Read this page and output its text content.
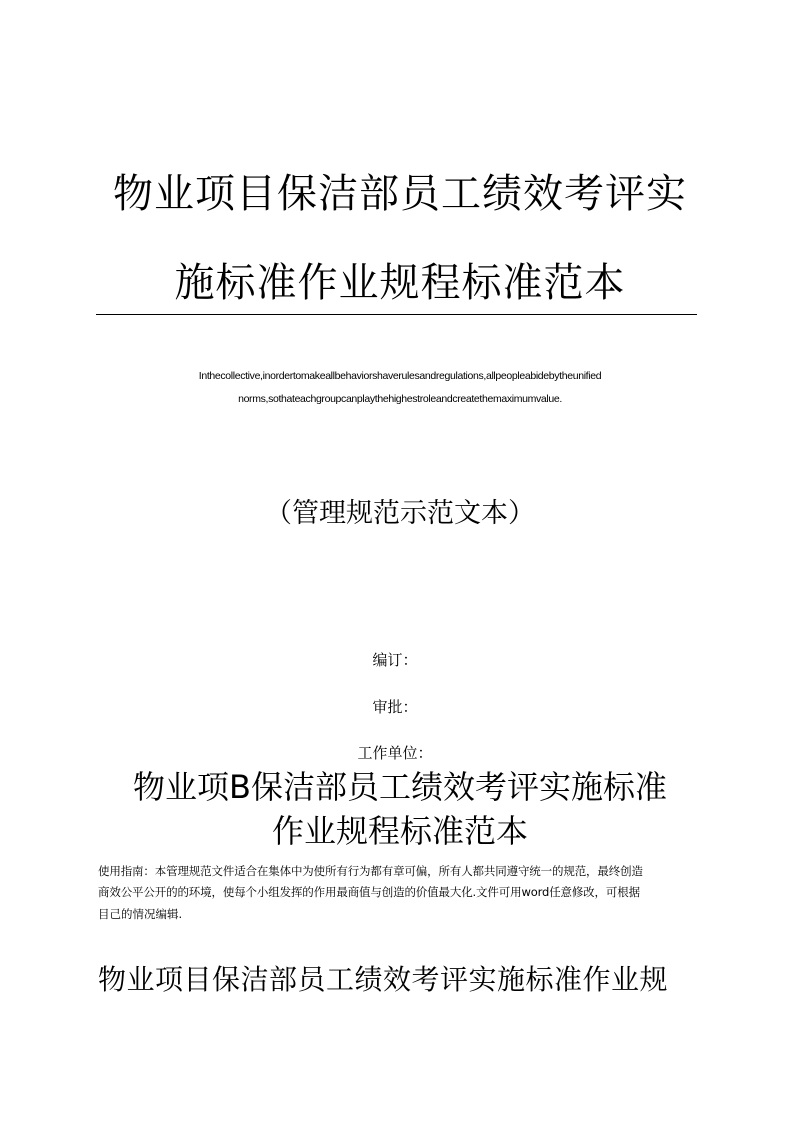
物业项目保洁部员工绩效考评实
施标准作业规程标准范本
Inthecollective,inordertomakeallbehaviorshaverulesandregulations,allpeopleabidebytheunified
norms,sothateachgroupcanplaythehighestroleandcreatethemaximumvalue.
（管理规范示范文本）
编订：
审批：
工作单位：
物业项B保洁部员工绩效考评实施标准
作业规程标准范本
使用指南：本管理规范文件适合在集体中为使所有行为都有章可偏，所有人都共同遵守统一的规范，最终创造
商效公平公开的的环境，使每个小组发挥的作用最商值与创造的价值最大化.文件可用word任意修改，可根据
目己的情况编辑.
物业项目保洁部员工绩效考评实施标准作业规
